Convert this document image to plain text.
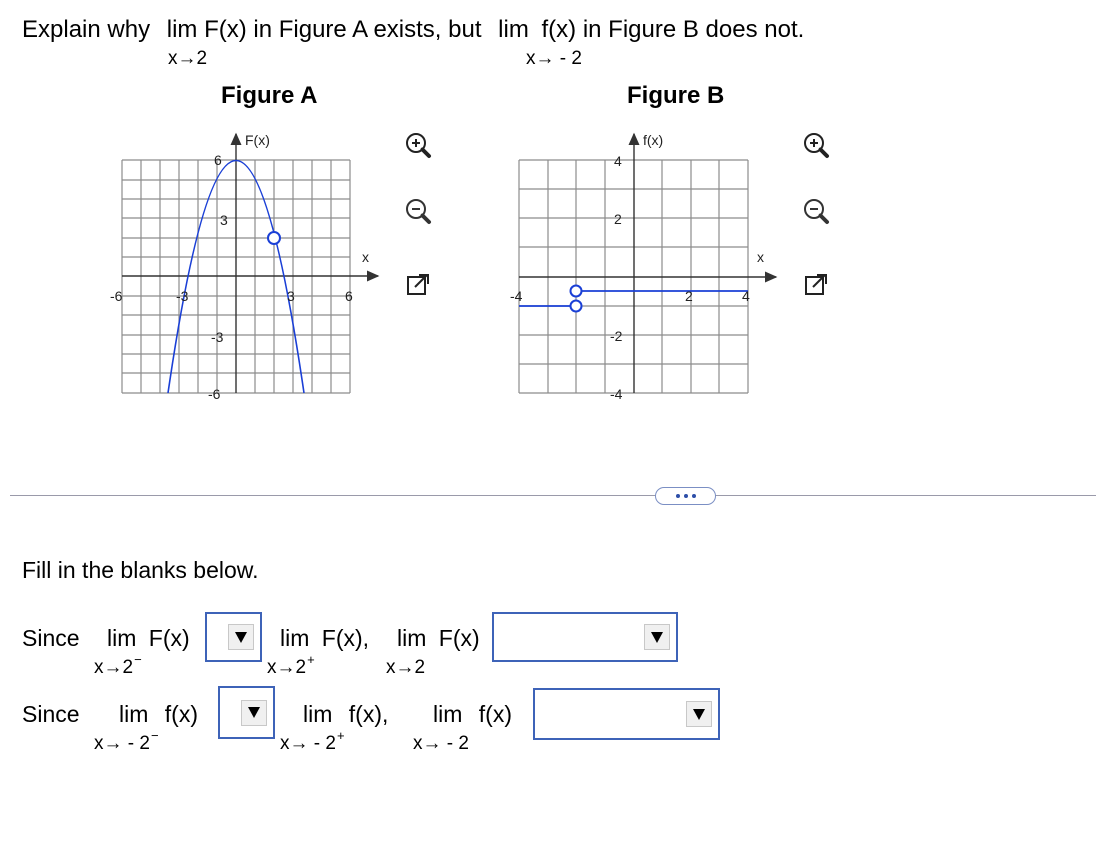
Explain why lim F(x) in Figure A exists, but lim f(x) in Figure B does not.
x→2	x→ - 2
Figure A	Figure B
-6	-3	3	6
6
3
-3
-6
F(x)
x
-4	2	4
4
2
-2
-4
f(x)
x
Fill in the blanks below.
Since lim F(x)
x→2−
lim F(x),
x→2+
lim F(x)
x→2
Since lim f(x)
x→ - 2−
lim f(x),
x→ - 2+
lim f(x)
x→ - 2
